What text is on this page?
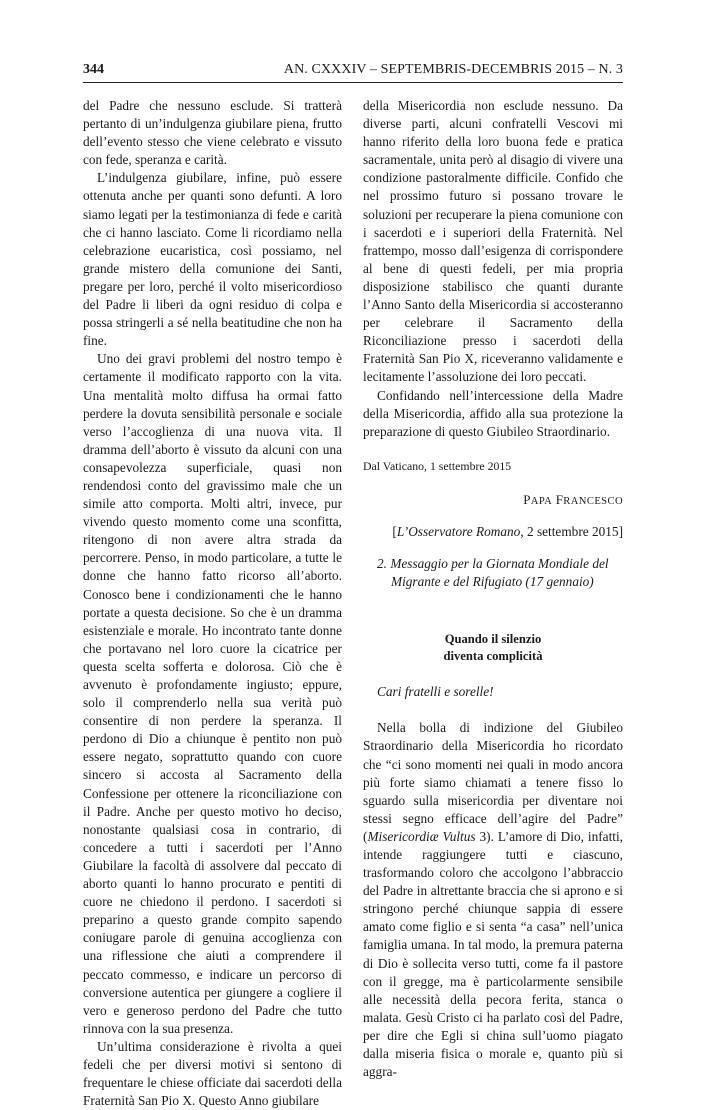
344	AN. CXXXIV – SEPTEMBRIS-DECEMBRIS 2015 – N. 3

del Padre che nessuno esclude. Si tratterà pertanto di un’indulgenza giubilare piena, frutto dell’evento stesso che viene celebrato e vissuto con fede, speranza e carità.

L’indulgenza giubilare, infine, può essere ottenuta anche per quanti sono defunti. A loro siamo legati per la testimonianza di fede e carità che ci hanno lasciato. Come li ricordiamo nella celebrazione eucaristica, così possiamo, nel grande mistero della comunione dei Santi, pregare per loro, perché il volto misericordioso del Padre li liberi da ogni residuo di colpa e possa stringerli a sé nella beatitudine che non ha fine.

Uno dei gravi problemi del nostro tempo è certamente il modificato rapporto con la vita. Una mentalità molto diffusa ha ormai fatto perdere la dovuta sensibilità personale e sociale verso l’accoglienza di una nuova vita. Il dramma dell’aborto è vissuto da alcuni con una consapevolezza superficiale, quasi non rendendosi conto del gravissimo male che un simile atto comporta. Molti altri, invece, pur vivendo questo momento come una sconfitta, ritengono di non avere altra strada da percorrere. Penso, in modo particolare, a tutte le donne che hanno fatto ricorso all’aborto. Conosco bene i condizionamenti che le hanno portate a questa decisione. So che è un dramma esistenziale e morale. Ho incontrato tante donne che portavano nel loro cuore la cicatrice per questa scelta sofferta e dolorosa. Ciò che è avvenuto è profondamente ingiusto; eppure, solo il comprenderlo nella sua verità può consentire di non perdere la speranza. Il perdono di Dio a chiunque è pentito non può essere negato, soprattutto quando con cuore sincero si accosta al Sacramento della Confessione per ottenere la riconciliazione con il Padre. Anche per questo motivo ho deciso, nonostante qualsiasi cosa in contrario, di concedere a tutti i sacerdoti per l’Anno Giubilare la facoltà di assolvere dal peccato di aborto quanti lo hanno procurato e pentiti di cuore ne chiedono il perdono. I sacerdoti si preparino a questo grande compito sapendo coniugare parole di genuina accoglienza con una riflessione che aiuti a comprendere il peccato commesso, e indicare un percorso di conversione autentica per giungere a cogliere il vero e generoso perdono del Padre che tutto rinnova con la sua presenza.

Un’ultima considerazione è rivolta a quei fedeli che per diversi motivi si sentono di frequentare le chiese officiate dai sacerdoti della Fraternità San Pio X. Questo Anno giubilare

della Misericordia non esclude nessuno. Da diverse parti, alcuni confratelli Vescovi mi hanno riferito della loro buona fede e pratica sacramentale, unita però al disagio di vivere una condizione pastoralmente difficile. Confido che nel prossimo futuro si possano trovare le soluzioni per recuperare la piena comunione con i sacerdoti e i superiori della Fraternità. Nel frattempo, mosso dall’esigenza di corrispondere al bene di questi fedeli, per mia propria disposizione stabilisco che quanti durante l’Anno Santo della Misericordia si accosteranno per celebrare il Sacramento della Riconciliazione presso i sacerdoti della Fraternità San Pio X, riceveranno validamente e lecitamente l’assoluzione dei loro peccati.

Confidando nell’intercessione della Madre della Misericordia, affido alla sua protezione la preparazione di questo Giubileo Straordinario.

Dal Vaticano, 1 settembre 2015

PAPA FRANCESCO

[L’Osservatore Romano, 2 settembre 2015]

2. Messaggio per la Giornata Mondiale del
Migrante e del Rifugiato (17 gennaio)

Quando il silenzio
diventa complicità

Cari fratelli e sorelle!

Nella bolla di indizione del Giubileo Straordinario della Misericordia ho ricordato che “ci sono momenti nei quali in modo ancora più forte siamo chiamati a tenere fisso lo sguardo sulla misericordia per diventare noi stessi segno efficace dell’agire del Padre” (Misericordiæ Vultus 3). L’amore di Dio, infatti, intende raggiungere tutti e ciascuno, trasformando coloro che accolgono l’abbraccio del Padre in altrettante braccia che si aprono e si stringono perché chiunque sappia di essere amato come figlio e si senta “a casa” nell’unica famiglia umana. In tal modo, la premura paterna di Dio è sollecita verso tutti, come fa il pastore con il gregge, ma è particolarmente sensibile alle necessità della pecora ferita, stanca o malata. Gesù Cristo ci ha parlato così del Padre, per dire che Egli si china sull’uomo piagato dalla miseria fisica o morale e, quanto più si aggra-
